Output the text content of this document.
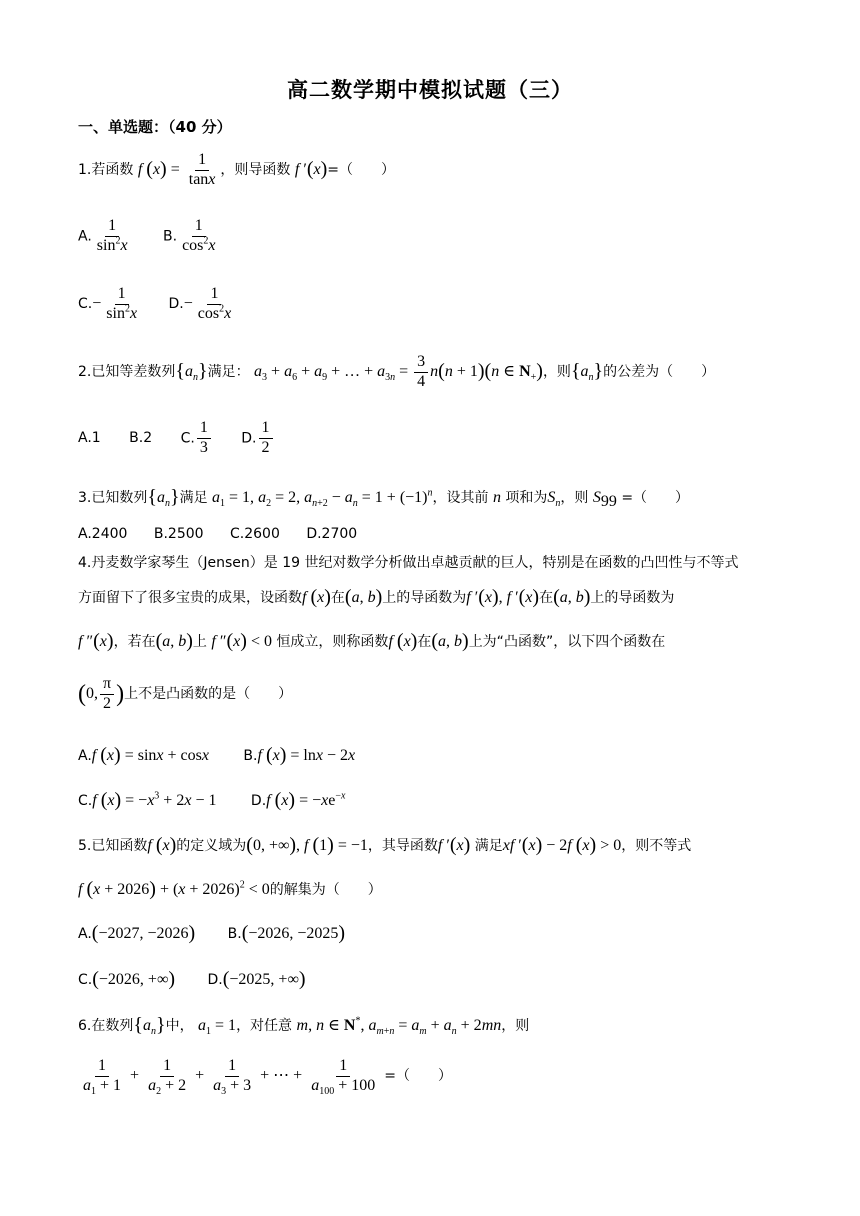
高二数学期中模拟试题（三）
一、单选题：（40 分）
1.若函数 f $(x) = \frac{1}{\tan x}$ ，则导函数 f ′(x)=（　　）
A. $\frac{1}{\sin^2x} B$. $\frac{1}{\cos^2x}$
$C.- \frac{1}{\sin^2x} D.- \frac{1}{\cos^2x}$
2.已知等差数列$\{a_n\}$满足： $a_3 + a_6 + a_9$ + … + $a_{3n} = \frac{3}{4} n(n + 1)(n$ ∈ $N_+$)，则$\{a_n\}$的公差为（　　）
A.1 B.2 C. $\frac{1}{3} D$. $\frac{1}{2}$
3.已知数列$\{a_n\}$满足 $a_1 = 1$, $a_2 = 2$, $a_{n+2} - a_n = 1 + (-1)^n$，设其前 n 项和为$S_n$，则 $S_{99}$ =（　　）
A.2400 B.2500 C.2600 D.2700
4.丹麦数学家琴生（Jensen）是 19 世纪对数学分析做出卓越贡献的巨人，特别是在函数的凸凹性与不等式
方面留下了很多宝贵的成果，设函数f (x)在(a, b)上的导函数为f ′(x), f ′(x)在(a, b)上的导函数为
f ″(x)，若在(a, b)上 f ″(x) < 0 恒成立，则称函数f (x)在(a, b)上为“凸函数”，以下四个函数在
(0, $\frac{\pi}{2}$ )上不是凸函数的是（　　）
A.f (x) = sinx + cosx B.f (x) = lnx − 2x
C.f $(x) = -x^3 + 2x - 1$ D.f $(x) = -xe^{-x}$
5.已知函数f (x)的定义域为(0, +∞), f (1) = −1，其导函数f ′(x) 满足xf ′(x) − 2f (x) > 0，则不等式
f $(x + 2026) + (x + 2026)^2 < 0$的解集为（　　）
A.(−2027, −2026) B.(−2026, −2025)
C.(−2026, +∞) D.(−2025, +∞)
6.在数列$\{a_n\}$中， $a_1 = 1$，对任意 m, n ∈ N*, $a_{m+n} = a_m + a_n + 2mn$，则
$\frac{1}{a_1 + 1} + \frac{1}{a_2 + 2} + \frac{1}{a_3 + 3}$ + ⋯ + $\frac{1}{a_{100} + 100}$ =（　　）
